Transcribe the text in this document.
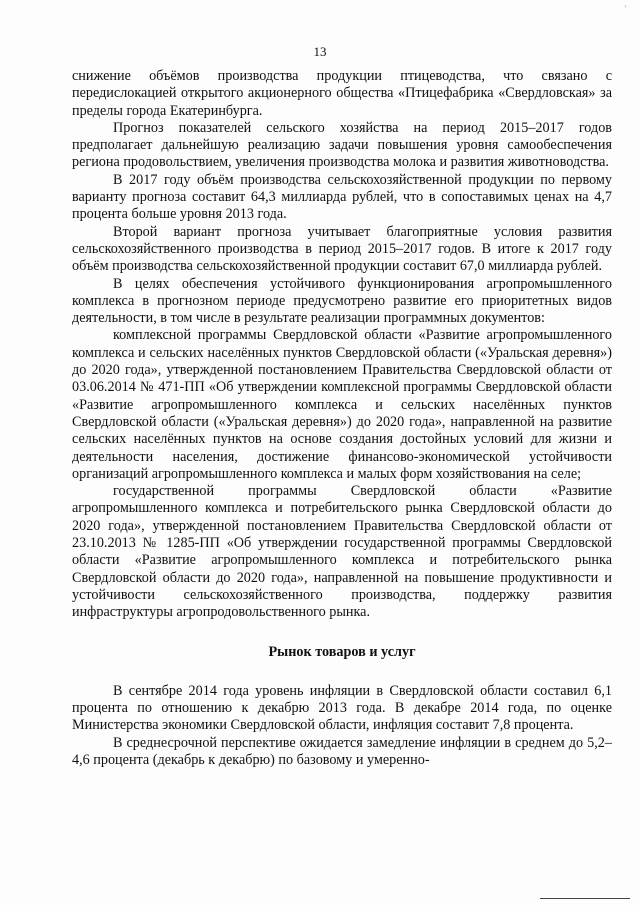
'
13

снижение объёмов производства продукции птицеводства, что связано с передислокацией открытого акционерного общества «Птицефабрика «Свердловская» за пределы города Екатеринбурга.

Прогноз показателей сельского хозяйства на период 2015–2017 годов предполагает дальнейшую реализацию задачи повышения уровня самообеспечения региона продовольствием, увеличения производства молока и развития животноводства.

В 2017 году объём производства сельскохозяйственной продукции по первому варианту прогноза составит 64,3 миллиарда рублей, что в сопоставимых ценах на 4,7 процента больше уровня 2013 года.

Второй вариант прогноза учитывает благоприятные условия развития сельскохозяйственного производства в период 2015–2017 годов. В итоге к 2017 году объём производства сельскохозяйственной продукции составит 67,0 миллиарда рублей.

В целях обеспечения устойчивого функционирования агропромышленного комплекса в прогнозном периоде предусмотрено развитие его приоритетных видов деятельности, в том числе в результате реализации программных документов:

комплексной программы Свердловской области «Развитие агропромышленного комплекса и сельских населённых пунктов Свердловской области («Уральская деревня») до 2020 года», утвержденной постановлением Правительства Свердловской области от 03.06.2014 № 471-ПП «Об утверждении комплексной программы Свердловской области «Развитие агропромышленного комплекса и сельских населённых пунктов Свердловской области («Уральская деревня») до 2020 года», направленной на развитие сельских населённых пунктов на основе создания достойных условий для жизни и деятельности населения, достижение финансово-экономической устойчивости организаций агропромышленного комплекса и малых форм хозяйствования на селе;

государственной программы Свердловской области «Развитие агропромышленного комплекса и потребительского рынка Свердловской области до 2020 года», утвержденной постановлением Правительства Свердловской области от 23.10.2013 № 1285-ПП «Об утверждении государственной программы Свердловской области «Развитие агропромышленного комплекса и потребительского рынка Свердловской области до 2020 года», направленной на повышение продуктивности и устойчивости сельскохозяйственного производства, поддержку развития инфраструктуры агропродовольственного рынка.

Рынок товаров и услуг

В сентябре 2014 года уровень инфляции в Свердловской области составил 6,1 процента по отношению к декабрю 2013 года. В декабре 2014 года, по оценке Министерства экономики Свердловской области, инфляция составит 7,8 процента.

В среднесрочной перспективе ожидается замедление инфляции в среднем до 5,2–4,6 процента (декабрь к декабрю) по базовому и умеренно-
